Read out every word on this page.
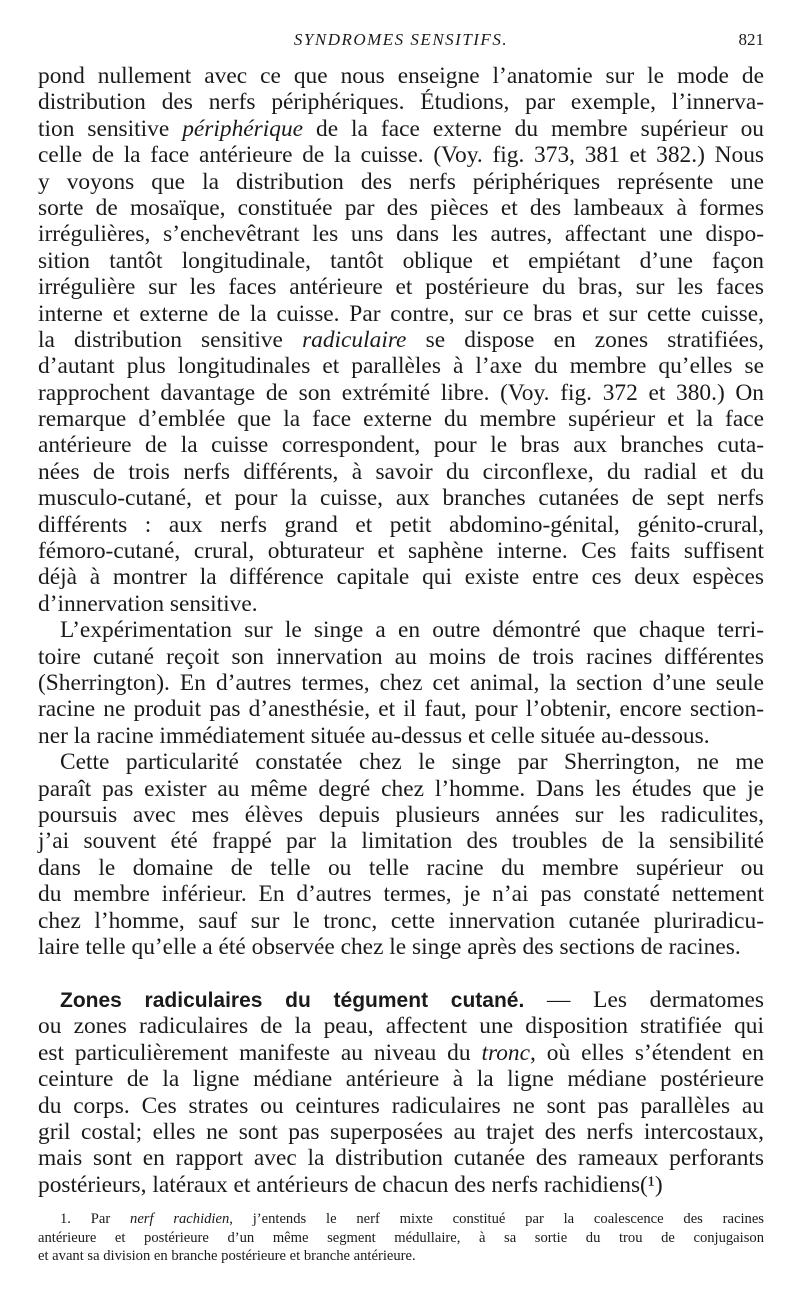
SYNDROMES SENSITIFS.	821
pond nullement avec ce que nous enseigne l’anatomie sur le mode de
distribution des nerfs périphériques. Étudions, par exemple, l’innerva-
tion sensitive périphérique de la face externe du membre supérieur ou
celle de la face antérieure de la cuisse. (Voy. fig. 373, 381 et 382.) Nous
y voyons que la distribution des nerfs périphériques représente une
sorte de mosaïque, constituée par des pièces et des lambeaux à formes
irrégulières, s’enchevêtrant les uns dans les autres, affectant une dispo-
sition tantôt longitudinale, tantôt oblique et empiétant d’une façon
irrégulière sur les faces antérieure et postérieure du bras, sur les faces
interne et externe de la cuisse. Par contre, sur ce bras et sur cette cuisse,
la distribution sensitive radiculaire se dispose en zones stratifiées,
d’autant plus longitudinales et parallèles à l’axe du membre qu’elles se
rapprochent davantage de son extrémité libre. (Voy. fig. 372 et 380.) On
remarque d’emblée que la face externe du membre supérieur et la face
antérieure de la cuisse correspondent, pour le bras aux branches cuta-
nées de trois nerfs différents, à savoir du circonflexe, du radial et du
musculo-cutané, et pour la cuisse, aux branches cutanées de sept nerfs
différents : aux nerfs grand et petit abdomino-génital, génito-crural,
fémoro-cutané, crural, obturateur et saphène interne. Ces faits suffisent
déjà à montrer la différence capitale qui existe entre ces deux espèces
d’innervation sensitive.
L’expérimentation sur le singe a en outre démontré que chaque terri-
toire cutané reçoit son innervation au moins de trois racines différentes
(Sherrington). En d’autres termes, chez cet animal, la section d’une seule
racine ne produit pas d’anesthésie, et il faut, pour l’obtenir, encore section-
ner la racine immédiatement située au-dessus et celle située au-dessous.
Cette particularité constatée chez le singe par Sherrington, ne me
paraît pas exister au même degré chez l’homme. Dans les études que je
poursuis avec mes élèves depuis plusieurs années sur les radiculites,
j’ai souvent été frappé par la limitation des troubles de la sensibilité
dans le domaine de telle ou telle racine du membre supérieur ou
du membre inférieur. En d’autres termes, je n’ai pas constaté nettement
chez l’homme, sauf sur le tronc, cette innervation cutanée pluriradicu-
laire telle qu’elle a été observée chez le singe après des sections de racines.
Zones radiculaires du tégument cutané. — Les dermatomes
ou zones radiculaires de la peau, affectent une disposition stratifiée qui
est particulièrement manifeste au niveau du tronc, où elles s’étendent en
ceinture de la ligne médiane antérieure à la ligne médiane postérieure
du corps. Ces strates ou ceintures radiculaires ne sont pas parallèles au
gril costal; elles ne sont pas superposées au trajet des nerfs intercostaux,
mais sont en rapport avec la distribution cutanée des rameaux perforants
postérieurs, latéraux et antérieurs de chacun des nerfs rachidiens(¹)
1. Par nerf rachidien, j’entends le nerf mixte constitué par la coalescence des racines
antérieure et postérieure d’un même segment médullaire, à sa sortie du trou de conjugaison
et avant sa division en branche postérieure et branche antérieure.
